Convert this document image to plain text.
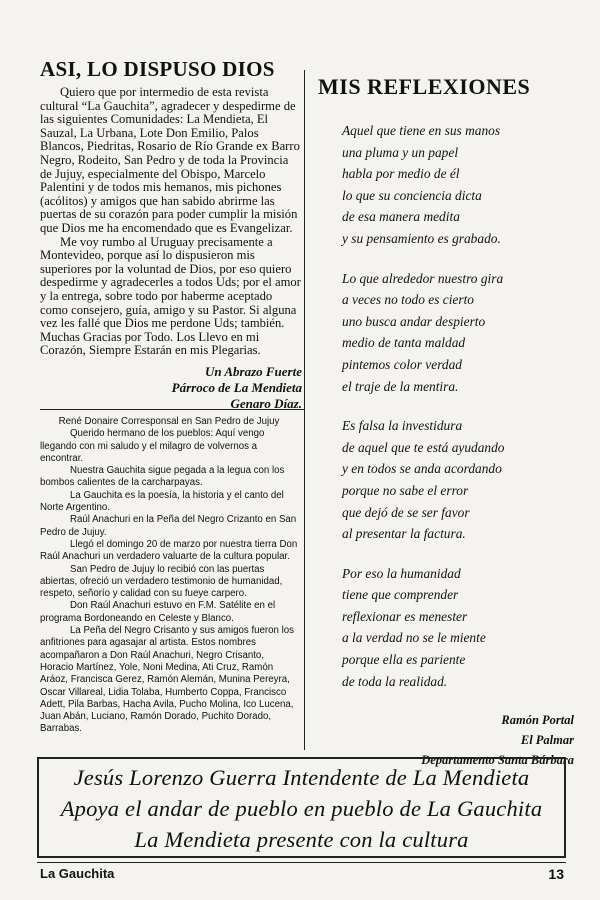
ASI, LO DISPUSO DIOS

Quiero que por intermedio de esta revista cultural “La Gauchita”, agradecer y despedirme de las siguientes Comunidades: La Mendieta, El Sauzal, La Urbana, Lote Don Emilio, Palos Blancos, Piedritas, Rosario de Río Grande ex Barro Negro, Rodeito, San Pedro y de toda la Provincia de Jujuy, especialmente del Obispo, Marcelo Palentini y de todos mis hemanos, mis pichones (acólitos) y amigos que han sabido abrirme las puertas de su corazón para poder cumplir la misión que Dios me ha encomendado que es Evangelizar.

Me voy rumbo al Uruguay precisamente a Montevideo, porque así lo dispusieron mis superiores por la voluntad de Dios, por eso quiero despedirme y agradecerles a todos Uds; por el amor y la entrega, sobre todo por haberme aceptado como consejero, guía, amigo y su Pastor. Si alguna vez les fallé que Dios me perdone Uds; también. Muchas Gracias por Todo. Los Llevo en mi Corazón, Siempre Estarán en mis Plegarias.

Un Abrazo Fuerte

Párroco de La Mendieta

Genaro Díaz.

René Donaire Corresponsal en San Pedro de Jujuy

Querido hermano de los pueblos: Aquí vengo llegando con mi saludo y el milagro de volvernos a encontrar.

Nuestra Gauchita sigue pegada a la legua con los bombos calientes de la carcharpayas.

La Gauchita es la poesía, la historia y el canto del Norte Argentino.

Raúl Anachuri en la Peña del Negro Crizanto en San Pedro de Jujuy.

Llegó el domingo 20 de marzo por nuestra tierra Don Raúl Anachuri un verdadero valuarte de la cultura popular.

San Pedro de Jujuy lo recibió con las puertas abiertas, ofreció un verdadero testimonio de humanidad, respeto, señorío y calidad con su fueye carpero.

Don Raúl Anachuri estuvo en F.M. Satélite en el programa Bordoneando en Celeste y Blanco.

La Peña del Negro Crisanto y sus amigos fueron los anfitriones para agasajar al artista. Estos nombres acompañaron a Don Raúl Anachuri, Negro Crisanto, Horacio Martínez, Yole, Noni Medina, Ati Cruz, Ramón Aráoz, Francisca Gerez, Ramón Alemán, Munina Pereyra, Oscar Villareal, Lidia Tolaba, Humberto Coppa, Francisco Adett, Pila Barbas, Hacha Avila, Pucho Molina, Ico Lucena, Juan Abán, Luciano, Ramón Dorado, Puchito Dorado, Barrabas.

MIS REFLEXIONES
Aquel que tiene en sus manos
una pluma y un papel
habla por medio de él
lo que su conciencia dicta
de esa manera medita
y su pensamiento es grabado.
Lo que alrededor nuestro gira
a veces no todo es cierto
uno busca andar despierto
medio de tanta maldad
pintemos color verdad
el traje de la mentira.
Es falsa la investidura
de aquel que te está ayudando
y en todos se anda acordando
porque no sabe el error
que dejó de se ser favor
al presentar la factura.
Por eso la humanidad
tiene que comprender
reflexionar es menester
a la verdad no se le miente
porque ella es pariente
de toda la realidad.
Ramón Portal
El Palmar
Departamento Santa Bárbara
Jesús Lorenzo Guerra Intendente de La Mendieta
Apoya el andar de pueblo en pueblo de La Gauchita
La Mendieta presente con la cultura
La Gauchita	13
